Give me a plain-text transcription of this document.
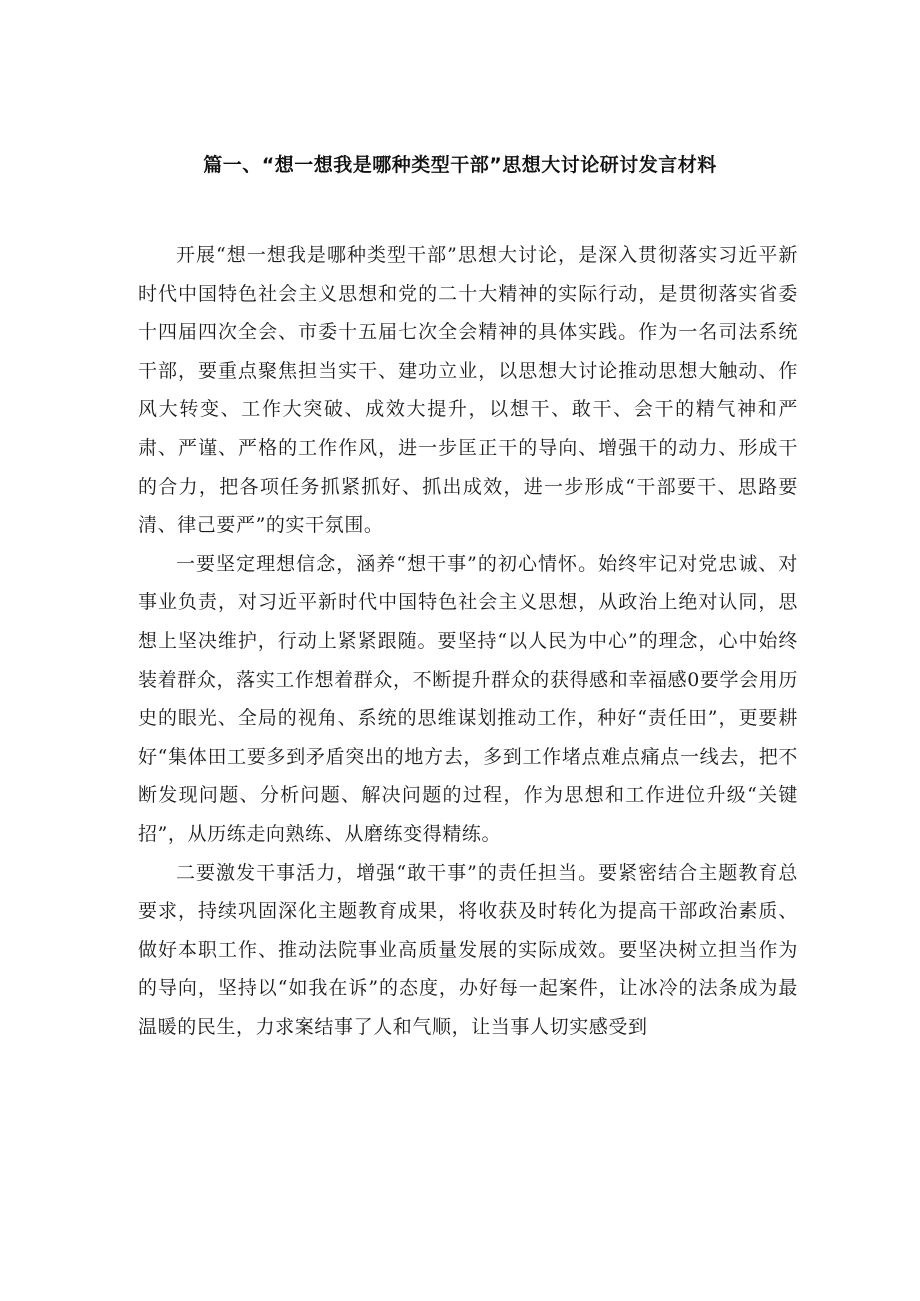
篇一、“想一想我是哪种类型干部”思想大讨论研讨发言材料

开展“想一想我是哪种类型干部”思想大讨论，是深入贯彻落实习近平新时代中国特色社会主义思想和党的二十大精神的实际行动，是贯彻落实省委十四届四次全会、市委十五届七次全会精神的具体实践。作为一名司法系统干部，要重点聚焦担当实干、建功立业，以思想大讨论推动思想大触动、作风大转变、工作大突破、成效大提升，以想干、敢干、会干的精气神和严肃、严谨、严格的工作作风，进一步匡正干的导向、增强干的动力、形成干的合力，把各项任务抓紧抓好、抓出成效，进一步形成“干部要干、思路要清、律己要严”的实干氛围。

一要坚定理想信念，涵养“想干事”的初心情怀。始终牢记对党忠诚、对事业负责，对习近平新时代中国特色社会主义思想，从政治上绝对认同，思想上坚决维护，行动上紧紧跟随。要坚持“以人民为中心”的理念，心中始终装着群众，落实工作想着群众，不断提升群众的获得感和幸福感0要学会用历史的眼光、全局的视角、系统的思维谋划推动工作，种好“责任田”，更要耕好“集体田工要多到矛盾突出的地方去，多到工作堵点难点痛点一线去，把不断发现问题、分析问题、解决问题的过程，作为思想和工作进位升级“关键招”，从历练走向熟练、从磨练变得精练。

二要激发干事活力，增强“敢干事”的责任担当。要紧密结合主题教育总要求，持续巩固深化主题教育成果，将收获及时转化为提高干部政治素质、做好本职工作、推动法院事业高质量发展的实际成效。要坚决树立担当作为的导向，坚持以“如我在诉”的态度，办好每一起案件，让冰冷的法条成为最温暖的民生，力求案结事了人和气顺，让当事人切实感受到
